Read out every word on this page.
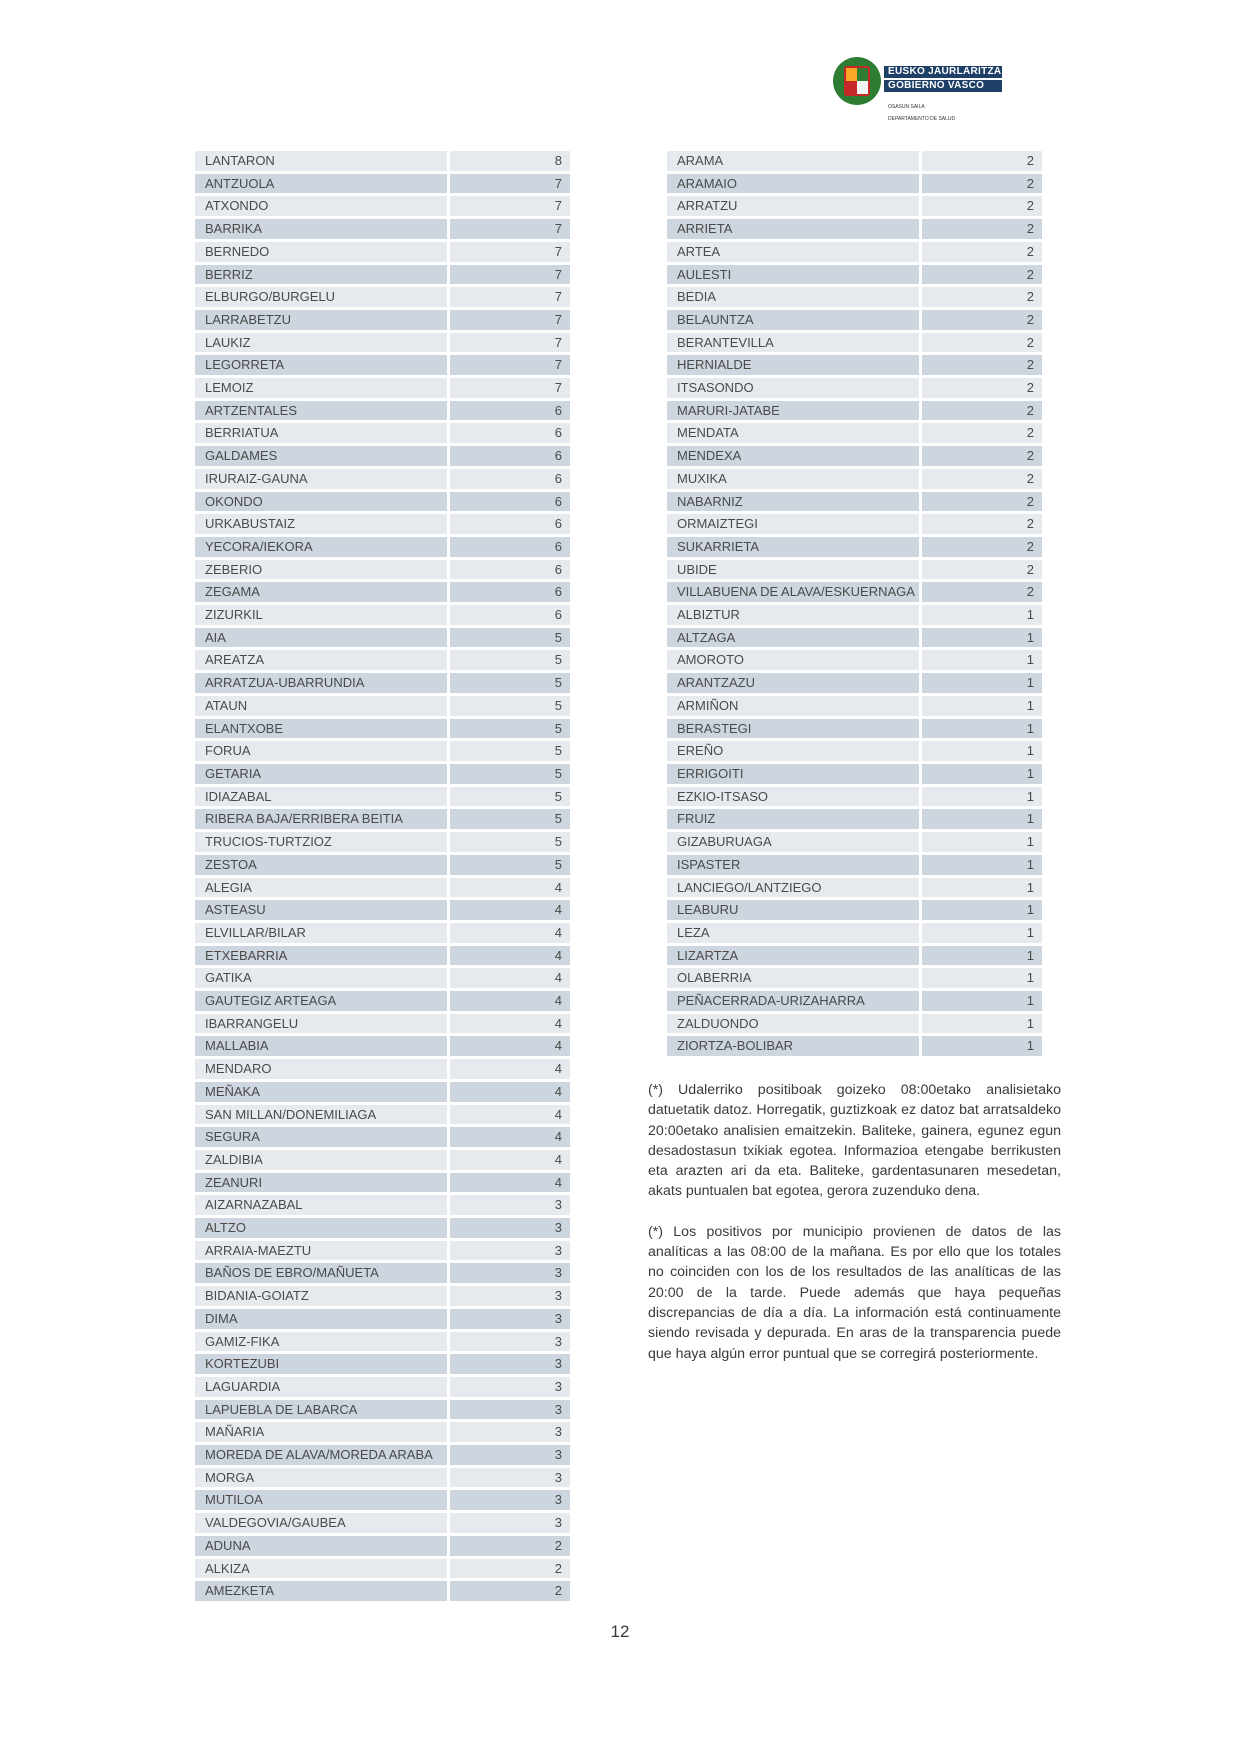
EUSKO JAURLARITZA
GOBIERNO VASCO
OSASUN SAILA
DEPARTAMENTO DE SALUD
LANTARON	8
ANTZUOLA	7
ATXONDO	7
BARRIKA	7
BERNEDO	7
BERRIZ	7
ELBURGO/BURGELU	7
LARRABETZU	7
LAUKIZ	7
LEGORRETA	7
LEMOIZ	7
ARTZENTALES	6
BERRIATUA	6
GALDAMES	6
IRURAIZ-GAUNA	6
OKONDO	6
URKABUSTAIZ	6
YECORA/IEKORA	6
ZEBERIO	6
ZEGAMA	6
ZIZURKIL	6
AIA	5
AREATZA	5
ARRATZUA-UBARRUNDIA	5
ATAUN	5
ELANTXOBE	5
FORUA	5
GETARIA	5
IDIAZABAL	5
RIBERA BAJA/ERRIBERA BEITIA	5
TRUCIOS-TURTZIOZ	5
ZESTOA	5
ALEGIA	4
ASTEASU	4
ELVILLAR/BILAR	4
ETXEBARRIA	4
GATIKA	4
GAUTEGIZ ARTEAGA	4
IBARRANGELU	4
MALLABIA	4
MENDARO	4
MEÑAKA	4
SAN MILLAN/DONEMILIAGA	4
SEGURA	4
ZALDIBIA	4
ZEANURI	4
AIZARNAZABAL	3
ALTZO	3
ARRAIA-MAEZTU	3
BAÑOS DE EBRO/MAÑUETA	3
BIDANIA-GOIATZ	3
DIMA	3
GAMIZ-FIKA	3
KORTEZUBI	3
LAGUARDIA	3
LAPUEBLA DE LABARCA	3
MAÑARIA	3
MOREDA DE ALAVA/MOREDA ARABA	3
MORGA	3
MUTILOA	3
VALDEGOVIA/GAUBEA	3
ADUNA	2
ALKIZA	2
AMEZKETA	2
ARAMA	2
ARAMAIO	2
ARRATZU	2
ARRIETA	2
ARTEA	2
AULESTI	2
BEDIA	2
BELAUNTZA	2
BERANTEVILLA	2
HERNIALDE	2
ITSASONDO	2
MARURI-JATABE	2
MENDATA	2
MENDEXA	2
MUXIKA	2
NABARNIZ	2
ORMAIZTEGI	2
SUKARRIETA	2
UBIDE	2
VILLABUENA DE ALAVA/ESKUERNAGA	2
ALBIZTUR	1
ALTZAGA	1
AMOROTO	1
ARANTZAZU	1
ARMIÑON	1
BERASTEGI	1
EREÑO	1
ERRIGOITI	1
EZKIO-ITSASO	1
FRUIZ	1
GIZABURUAGA	1
ISPASTER	1
LANCIEGO/LANTZIEGO	1
LEABURU	1
LEZA	1
LIZARTZA	1
OLABERRIA	1
PEÑACERRADA-URIZAHARRA	1
ZALDUONDO	1
ZIORTZA-BOLIBAR	1

(*) Udalerriko positiboak goizeko 08:00etako analisietako datuetatik datoz. Horregatik, guztizkoak ez datoz bat arratsaldeko 20:00etako analisien emaitzekin. Baliteke, gainera, egunez egun desadostasun txikiak egotea. Informazioa etengabe berrikusten eta arazten ari da eta. Baliteke, gardentasunaren mesedetan, akats puntualen bat egotea, gerora zuzenduko dena.

(*) Los positivos por municipio provienen de datos de las analíticas a las 08:00 de la mañana. Es por ello que los totales no coinciden con los de los resultados de las analíticas de las 20:00 de la tarde. Puede además que haya pequeñas discrepancias de día a día. La información está continuamente siendo revisada y depurada. En aras de la transparencia puede que haya algún error puntual que se corregirá posteriormente.

12
